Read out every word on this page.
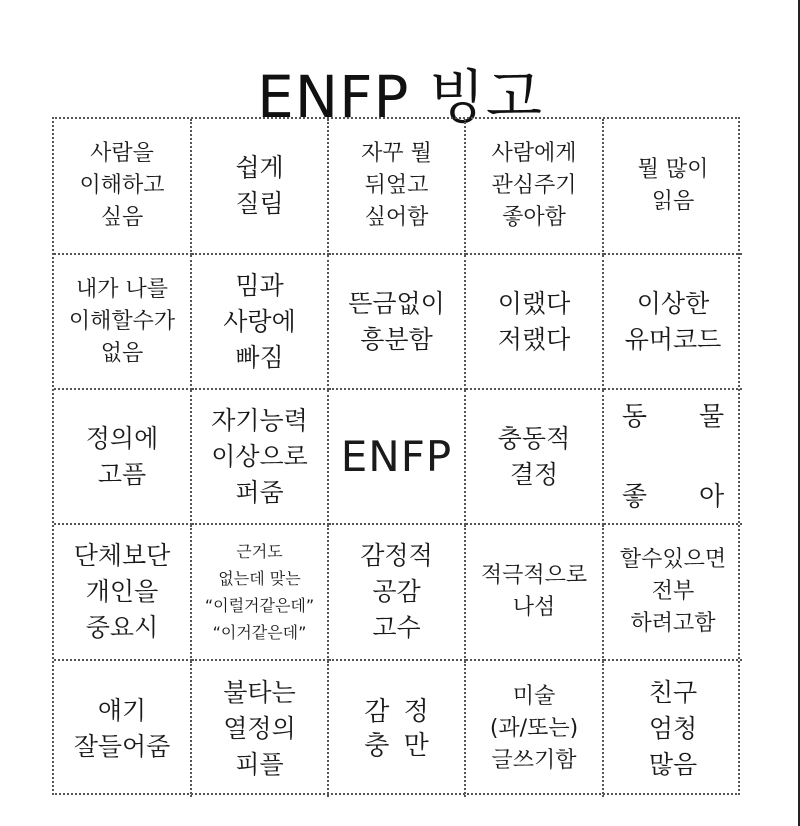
ENFP 빙고
사람을
이해하고
싶음
쉽게
질림
자꾸 뭘
뒤엎고
싶어함
사람에게
관심주기
좋아함
뭘 많이
읽음
내가 나를
이해할수가
없음
밈과
사랑에
빠짐
뜬금없이
흥분함
이랬다
저랬다
이상한
유머코드
정의에
고픔
자기능력
이상으로
퍼줌
ENFP 충동적
결정
동　　물

좋　　아
단체보단
개인을
중요시
근거도
없는데 맞는
“이럴거같은데”
“이거같은데”
감정적
공감
고수
적극적으로
나섬
할수있으면
전부
하려고함
얘기
잘들어줌
불타는
열정의
피플
감 정
충 만
미술
(과/또는)
글쓰기함
친구
엄청
많음
